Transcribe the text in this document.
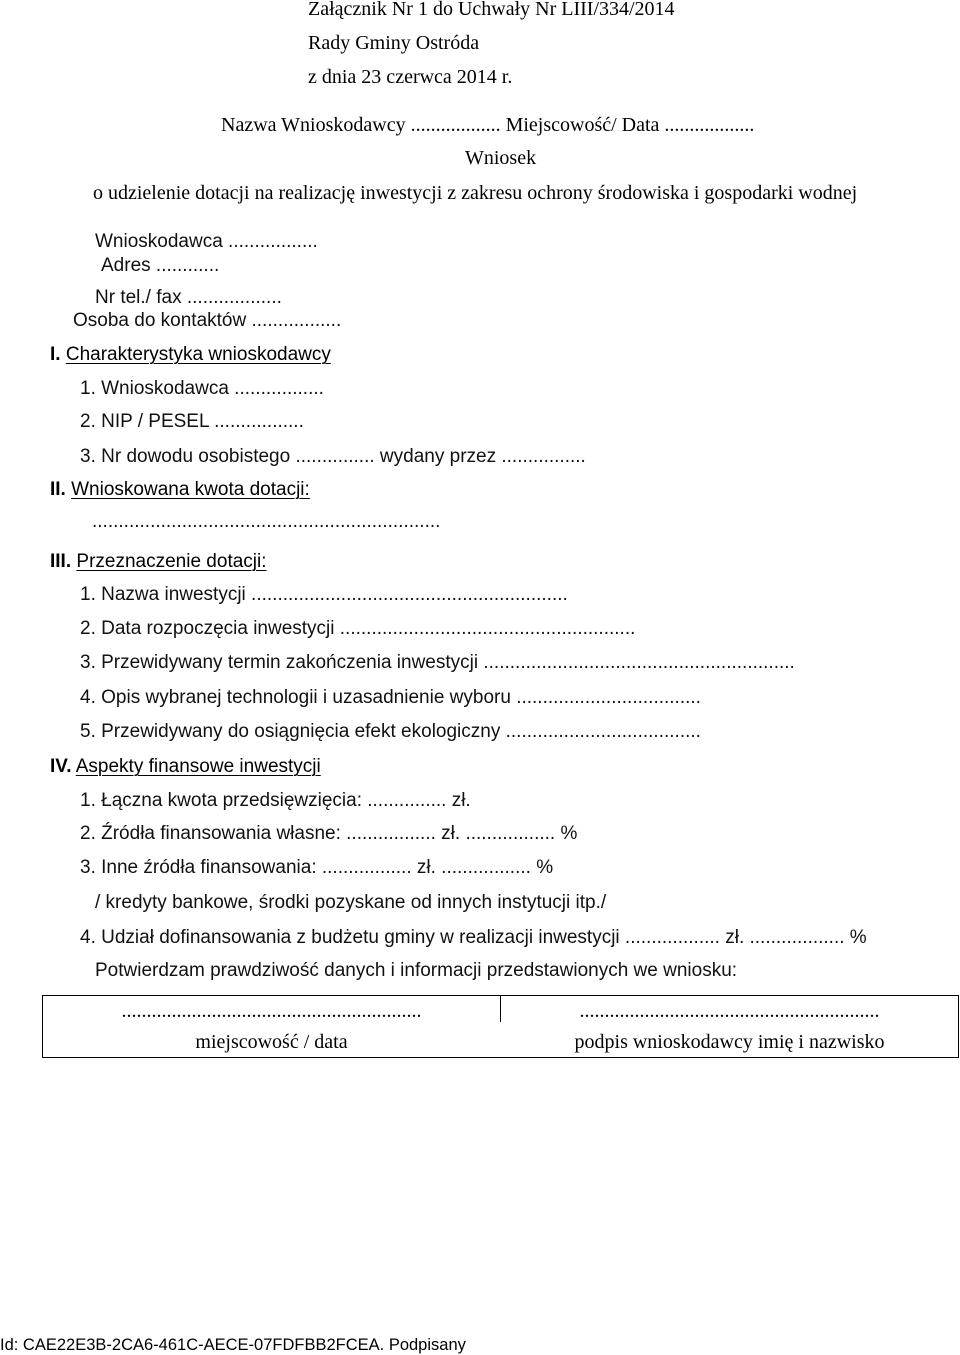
Załącznik Nr 1 do Uchwały Nr LIII/334/2014
Rady Gminy Ostróda
z dnia 23 czerwca 2014 r.
Nazwa Wnioskodawcy .................. Miejscowość/ Data ..................
Wniosek
o udzielenie dotacji na realizację inwestycji z zakresu ochrony środowiska i gospodarki wodnej
Wnioskodawca .................
Adres ............
Nr tel./ fax ..................
Osoba do kontaktów .................
I. Charakterystyka wnioskodawcy
1. Wnioskodawca .................
2. NIP / PESEL .................
3. Nr dowodu osobistego ............... wydany przez ................
II. Wnioskowana kwota dotacji:
..................................................................
III. Przeznaczenie dotacji:
1. Nazwa inwestycji ............................................................
2. Data rozpoczęcia inwestycji ........................................................
3. Przewidywany termin zakończenia inwestycji ...........................................................
4. Opis wybranej technologii i uzasadnienie wyboru ...................................
5. Przewidywany do osiągnięcia efekt ekologiczny .....................................
IV. Aspekty finansowe inwestycji
1. Łączna kwota przedsięwzięcia: ............... zł.
2. Źródła finansowania własne: ................. zł. ................. %
3. Inne źródła finansowania: ................. zł. ................. %
/ kredyty bankowe, środki pozyskane od innych instytucji itp./
4. Udział dofinansowania z budżetu gminy w realizacji inwestycji .................. zł. .................. %
Potwierdzam prawdziwość danych i informacji przedstawionych we wniosku:
............................................................
miejscowość / data
............................................................
podpis wnioskodawcy imię i nazwisko
Id: CAE22E3B-2CA6-461C-AECE-07FDFBB2FCEA. Podpisany
